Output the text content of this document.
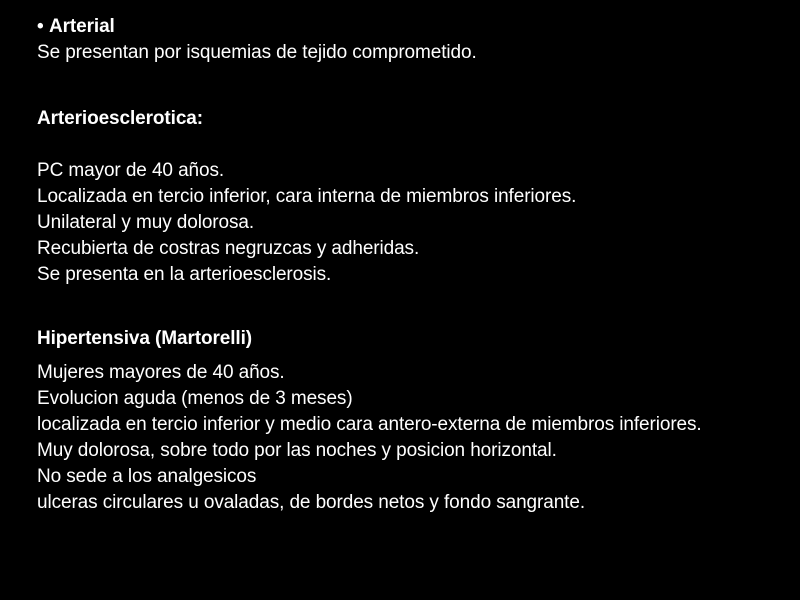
• Arterial
Se presentan por isquemias de tejido comprometido.
Arterioesclerotica:
PC mayor de 40 años.
Localizada en tercio inferior, cara interna de miembros inferiores.
Unilateral y muy dolorosa.
Recubierta de costras negruzcas y adheridas.
Se presenta en la arterioesclerosis.
Hipertensiva (Martorelli)
Mujeres mayores de 40 años.
Evolucion aguda (menos de 3 meses)
localizada en tercio inferior y medio cara antero-externa de miembros inferiores.
Muy dolorosa, sobre todo por las noches y posicion horizontal.
No sede a los analgesicos
ulceras circulares u ovaladas, de bordes netos y fondo sangrante.
